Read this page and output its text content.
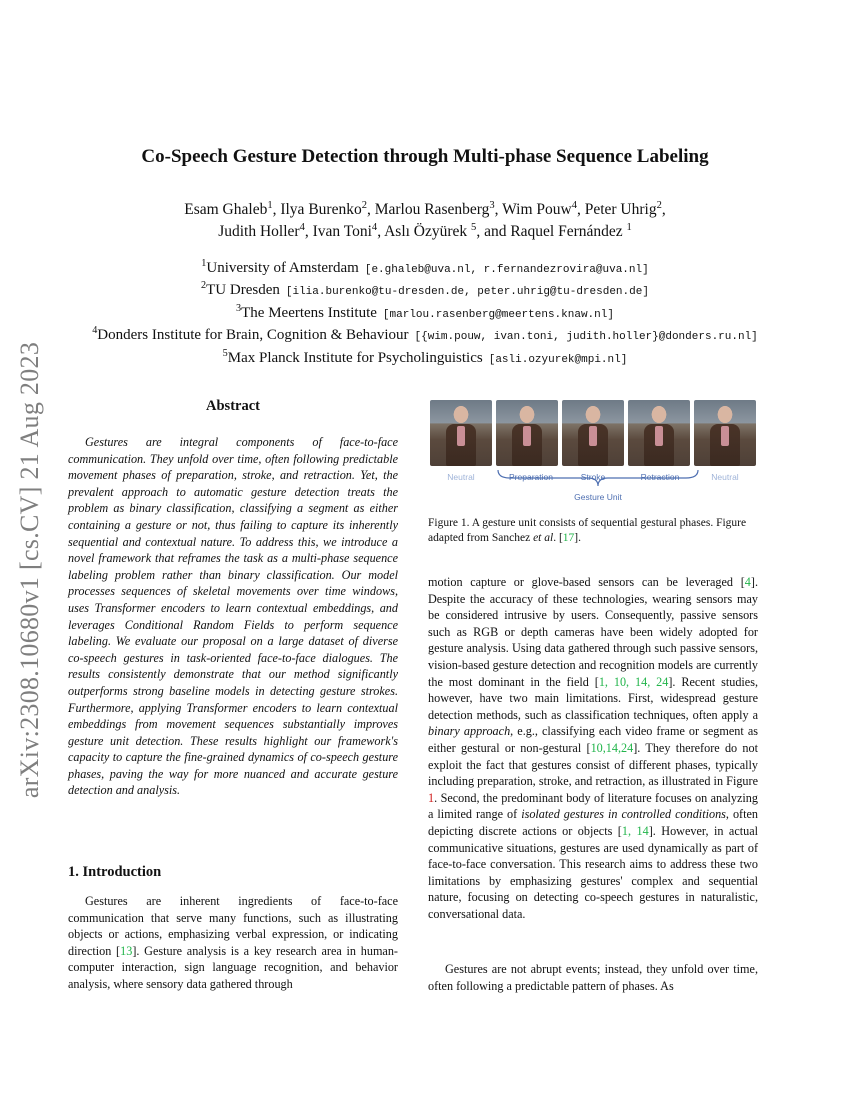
arXiv:2308.10680v1 [cs.CV] 21 Aug 2023
Co-Speech Gesture Detection through Multi-phase Sequence Labeling
Esam Ghaleb$^1$, Ilya Burenko$^2$, Marlou Rasenberg$^3$, Wim Pouw$^4$, Peter Uhrig$^2$,
Judith Holler$^4$, Ivan Toni$^4$, Aslı Özyürek $^5$, and Raquel Fernández $^1$
$^1$University of Amsterdam [e.ghaleb@uva.nl, r.fernandezrovira@uva.nl]
$^2$TU Dresden [ilia.burenko@tu-dresden.de, peter.uhrig@tu-dresden.de]
$^3$The Meertens Institute [marlou.rasenberg@meertens.knaw.nl]
$^4$Donders Institute for Brain, Cognition & Behaviour [{wim.pouw, ivan.toni, judith.holler}@donders.ru.nl]
$^5$Max Planck Institute for Psycholinguistics [asli.ozyurek@mpi.nl]
Abstract
Gestures are integral components of face-to-face communication. They unfold over time, often following predictable movement phases of preparation, stroke, and retraction. Yet, the prevalent approach to automatic gesture detection treats the problem as binary classification, classifying a segment as either containing a gesture or not, thus failing to capture its inherently sequential and contextual nature. To address this, we introduce a novel framework that reframes the task as a multi-phase sequence labeling problem rather than binary classification. Our model processes sequences of skeletal movements over time windows, uses Transformer encoders to learn contextual embeddings, and leverages Conditional Random Fields to perform sequence labeling. We evaluate our proposal on a large dataset of diverse co-speech gestures in task-oriented face-to-face dialogues. The results consistently demonstrate that our method significantly outperforms strong baseline models in detecting gesture strokes. Furthermore, applying Transformer encoders to learn contextual embeddings from movement sequences substantially improves gesture unit detection. These results highlight our framework's capacity to capture the fine-grained dynamics of co-speech gesture phases, paving the way for more nuanced and accurate gesture detection and analysis.
1. Introduction
Gestures are inherent ingredients of face-to-face communication that serve many functions, such as illustrating objects or actions, emphasizing verbal expression, or indicating direction [13]. Gesture analysis is a key research area in human-computer interaction, sign language recognition, and behavior analysis, where sensory data gathered through
Neutral	Preparation	Stroke	Retraction	Neutral
Gesture Unit
Figure 1. A gesture unit consists of sequential gestural phases. Figure adapted from Sanchez et al. [17].
motion capture or glove-based sensors can be leveraged [4]. Despite the accuracy of these technologies, wearing sensors may be considered intrusive by users. Consequently, passive sensors such as RGB or depth cameras have been widely adopted for gesture analysis. Using data gathered through such passive sensors, vision-based gesture detection and recognition models are currently the most dominant in the field [1, 10, 14, 24]. Recent studies, however, have two main limitations. First, widespread gesture detection methods, such as classification techniques, often apply a binary approach, e.g., classifying each video frame or segment as either gestural or non-gestural [10,14,24]. They therefore do not exploit the fact that gestures consist of different phases, typically including preparation, stroke, and retraction, as illustrated in Figure 1. Second, the predominant body of literature focuses on analyzing a limited range of isolated gestures in controlled conditions, often depicting discrete actions or objects [1, 14]. However, in actual communicative situations, gestures are used dynamically as part of face-to-face conversation. This research aims to address these two limitations by emphasizing gestures' complex and sequential nature, focusing on detecting co-speech gestures in naturalistic, conversational data.
Gestures are not abrupt events; instead, they unfold over time, often following a predictable pattern of phases. As
